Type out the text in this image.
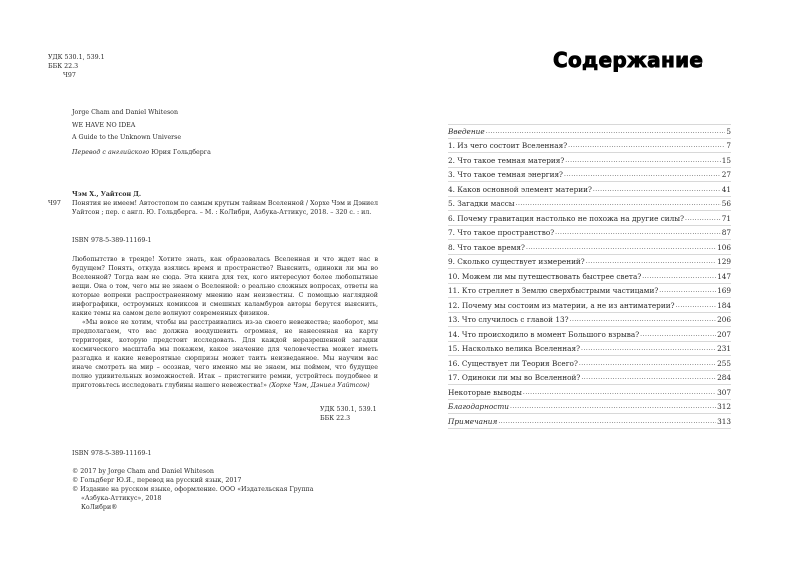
УДК 530.1, 539.1
ББК 22.3
Ч97
Jorge Cham and Daniel Whiteson
WE HAVE NO IDEA
A Guide to the Unknown Universe
Перевод с английского Юрия Гольдберга
Чэм Х., Уайтсон Д.
Ч97	Понятия не имеем! Автостопом по самым крутым тайнам Вселенной / Хорхе Чэм и Дэниел Уайтсон ; пер. с англ. Ю. Гольдберга. – М. : КоЛибри, Азбука-Аттикус, 2018. – 320 с. : ил.
ISBN 978-5-389-11169-1

Любопытство в тренде! Хотите знать, как образовалась Вселенная и что ждет нас в будущем? Понять, откуда взялись время и пространство? Выяснить, одиноки ли мы во Вселенной? Тогда вам не сюда. Эта книга для тех, кого интересуют более любопытные вещи. Она о том, чего мы не знаем о Вселенной: о реально сложных вопросах, ответы на которые вопреки распространенному мнению нам неизвестны. С помощью наглядной инфографики, остроумных комиксов и смешных каламбуров авторы берутся выяснить, какие темы на самом деле волнуют современных физиков.

«Мы вовсе не хотим, чтобы вы расстраивались из-за своего невежества; наоборот, мы предполагаем, что вас должна воодушевить огромная, не нанесенная на карту территория, которую предстоит исследовать. Для каждой неразрешенной загадки космического масштаба мы покажем, какое значение для человечества может иметь разгадка и какие невероятные сюрпризы может таить неизведанное. Мы научим вас иначе смотреть на мир – осознав, чего именно мы не знаем, мы поймем, что будущее полно удивительных возможностей. Итак – пристегните ремни, устройтесь поудобнее и приготовьтесь исследовать глубины нашего невежества!» (Хорхе Чэм, Дэниел Уайтсон)

УДК 530.1, 539.1
ББК 22.3
ISBN 978-5-389-11169-1
© 2017 by Jorge Cham and Daniel Whiteson
© Гольдберг Ю.Я., перевод на русский язык, 2017
© Издание на русском языке, оформление. ООО «Издательская Группа
«Азбука-Аттикус», 2018
КоЛибри®
Содержание
Введение .....	5
1. Из чего состоит Вселенная? .....	7
2. Что такое темная материя? .....	15
3. Что такое темная энергия? .....	27
4. Каков основной элемент материи? .....	41
5. Загадки массы .....	56
6. Почему гравитация настолько не похожа на другие силы? .....	71
7. Что такое пространство? .....	87
8. Что такое время? .....	106
9. Сколько существует измерений? .....	129
10. Можем ли мы путешествовать быстрее света? .....	147
11. Кто стреляет в Землю сверхбыстрыми частицами? .....	169
12. Почему мы состоим из материи, а не из антиматерии? .....	184
13. Что случилось с главой 13? .....	206
14. Что происходило в момент Большого взрыва? .....	207
15. Насколько велика Вселенная? .....	231
16. Существует ли Теория Всего? .....	255
17. Одиноки ли мы во Вселенной? .....	284
Некоторые выводы .....	307
Благодарности .....	312
Примечания .....	313
